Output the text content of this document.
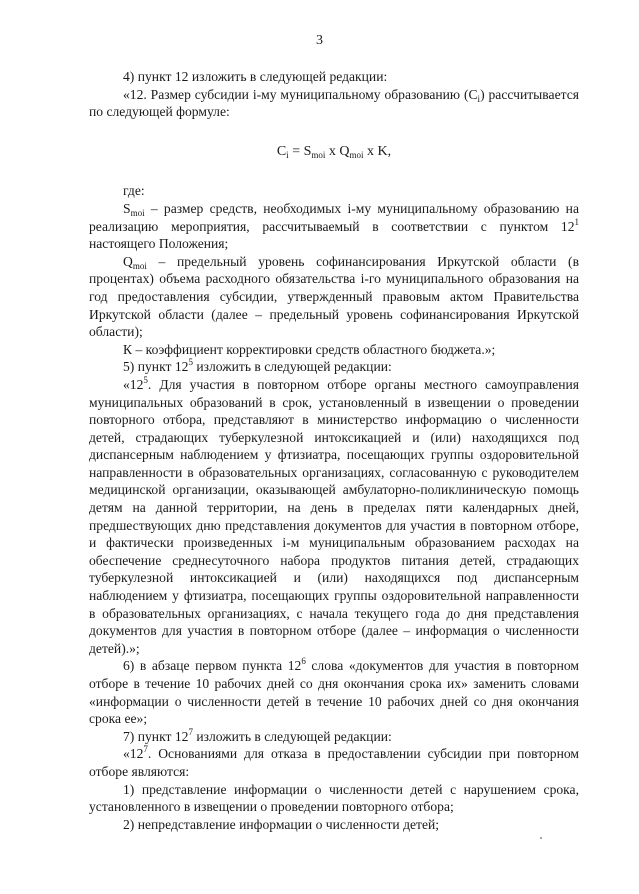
3

4) пункт 12 изложить в следующей редакции:

«12. Размер субсидии i-му муниципальному образованию $(C_i)$ рассчитывается по следующей формуле:

$C_i = S_{moi}$ x $Q_{moi}$ x K,

где:

$S_{moi}$ – размер средств, необходимых i-му муниципальному образованию на реализацию мероприятия, рассчитываемый в соответствии с пунктом $12^1$ настоящего Положения;

$Q_{moi}$ – предельный уровень софинансирования Иркутской области (в процентах) объема расходного обязательства i-го муниципального образования на год предоставления субсидии, утвержденный правовым актом Правительства Иркутской области (далее – предельный уровень софинансирования Иркутской области);

К – коэффициент корректировки средств областного бюджета.»;

5) пункт $12^5$ изложить в следующей редакции:

«$12^5$. Для участия в повторном отборе органы местного самоуправления муниципальных образований в срок, установленный в извещении о проведении повторного отбора, представляют в министерство информацию о численности детей, страдающих туберкулезной интоксикацией и (или) находящихся под диспансерным наблюдением у фтизиатра, посещающих группы оздоровительной направленности в образовательных организациях, согласованную с руководителем медицинской организации, оказывающей амбулаторно-поликлиническую помощь детям на данной территории, на день в пределах пяти календарных дней, предшествующих дню представления документов для участия в повторном отборе, и фактически произведенных i-м муниципальным образованием расходах на обеспечение среднесуточного набора продуктов питания детей, страдающих туберкулезной интоксикацией и (или) находящихся под диспансерным наблюдением у фтизиатра, посещающих группы оздоровительной направленности в образовательных организациях, с начала текущего года до дня представления документов для участия в повторном отборе (далее – информация о численности детей).»;

6) в абзаце первом пункта $12^6$ слова «документов для участия в повторном отборе в течение 10 рабочих дней со дня окончания срока их» заменить словами «информации о численности детей в течение 10 рабочих дней со дня окончания срока ее»;

7) пункт $12^7$ изложить в следующей редакции:

«$12^7$. Основаниями для отказа в предоставлении субсидии при повторном отборе являются:

1) представление информации о численности детей с нарушением срока, установленного в извещении о проведении повторного отбора;

2) непредставление информации о численности детей;
